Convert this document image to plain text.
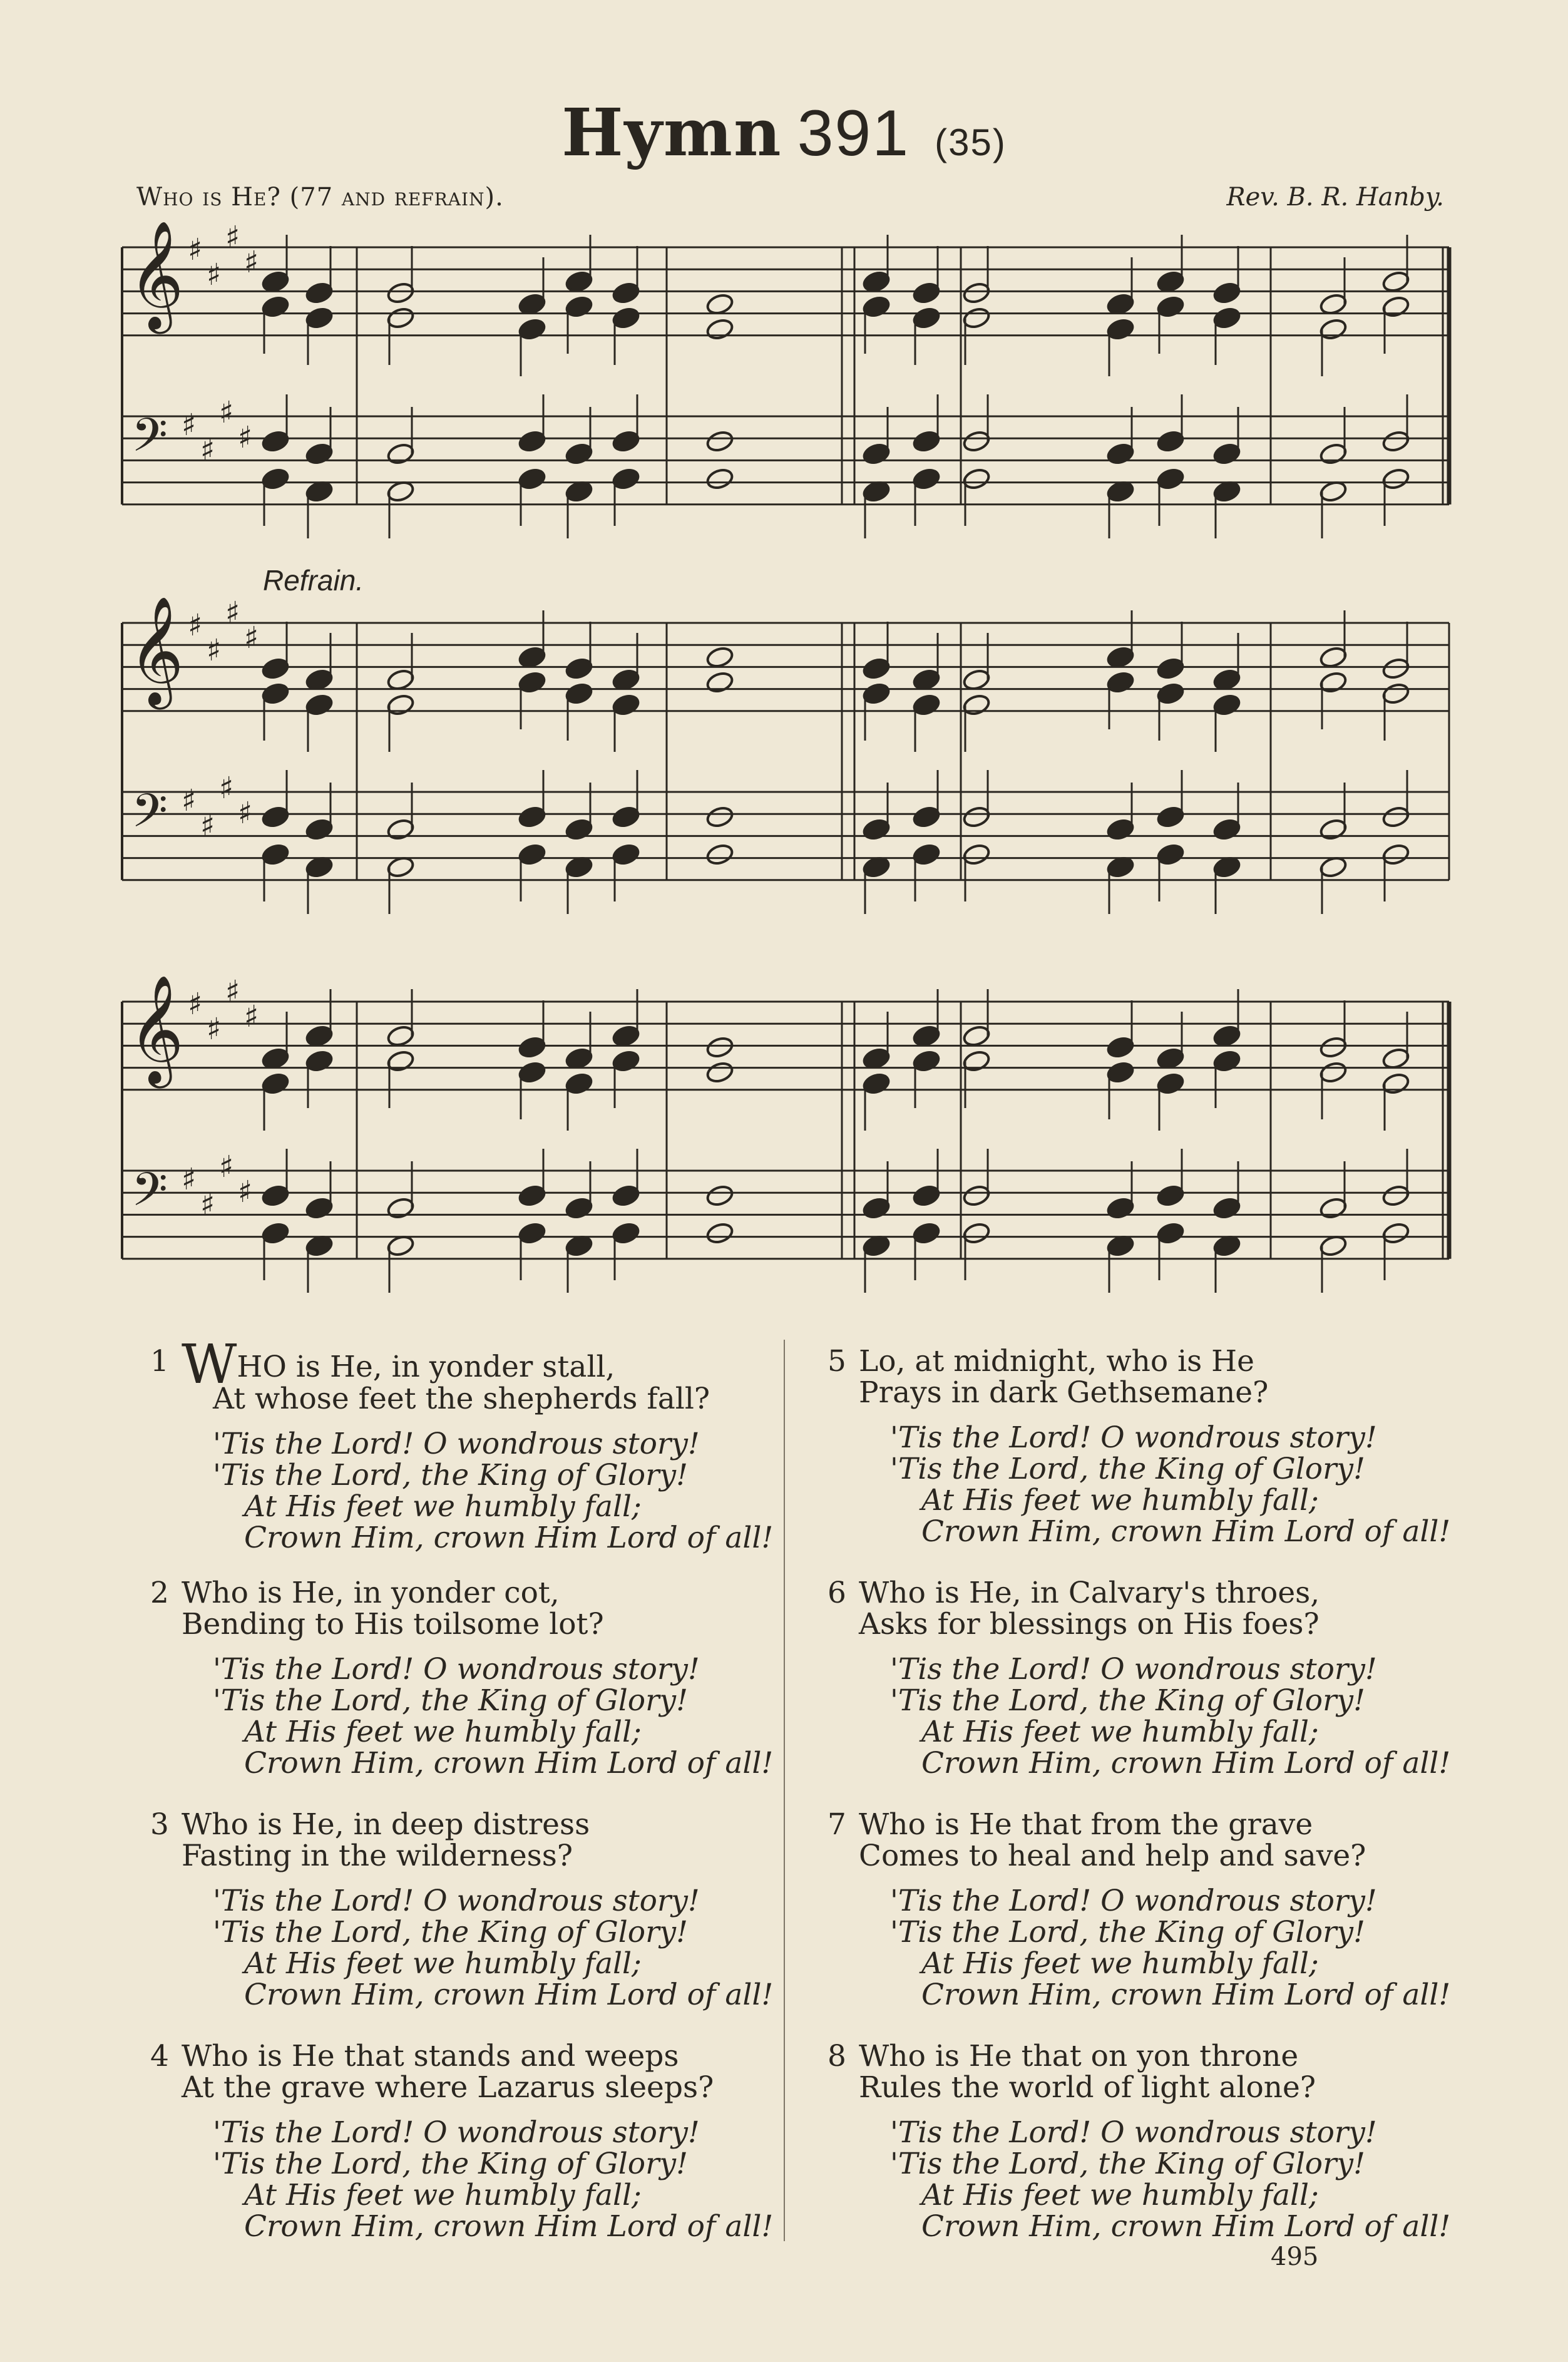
Hymn 391 (35)
Who is He? (77 and refrain).	Rev. B. R. Hanby.
𝄞
𝄢
♯
♯
♯
♯
♯
♯
♯
♯
𝄞
𝄢
♯
♯
♯
♯
♯
♯
♯
♯
𝄞
𝄢
♯
♯
♯
♯
♯
♯
♯
♯
Refrain.
1 WHO is He, in yonder stall,
At whose feet the shepherds fall?
'Tis the Lord! O wondrous story!
'Tis the Lord, the King of Glory!
At His feet we humbly fall;
Crown Him, crown Him Lord of all!
2 Who is He, in yonder cot,
Bending to His toilsome lot?
'Tis the Lord! O wondrous story!
'Tis the Lord, the King of Glory!
At His feet we humbly fall;
Crown Him, crown Him Lord of all!
3 Who is He, in deep distress
Fasting in the wilderness?
'Tis the Lord! O wondrous story!
'Tis the Lord, the King of Glory!
At His feet we humbly fall;
Crown Him, crown Him Lord of all!
4 Who is He that stands and weeps
At the grave where Lazarus sleeps?
'Tis the Lord! O wondrous story!
'Tis the Lord, the King of Glory!
At His feet we humbly fall;
Crown Him, crown Him Lord of all!
5 Lo, at midnight, who is He
Prays in dark Gethsemane?
'Tis the Lord! O wondrous story!
'Tis the Lord, the King of Glory!
At His feet we humbly fall;
Crown Him, crown Him Lord of all!
6 Who is He, in Calvary's throes,
Asks for blessings on His foes?
'Tis the Lord! O wondrous story!
'Tis the Lord, the King of Glory!
At His feet we humbly fall;
Crown Him, crown Him Lord of all!
7 Who is He that from the grave
Comes to heal and help and save?
'Tis the Lord! O wondrous story!
'Tis the Lord, the King of Glory!
At His feet we humbly fall;
Crown Him, crown Him Lord of all!
8 Who is He that on yon throne
Rules the world of light alone?
'Tis the Lord! O wondrous story!
'Tis the Lord, the King of Glory!
At His feet we humbly fall;
Crown Him, crown Him Lord of all!
495
